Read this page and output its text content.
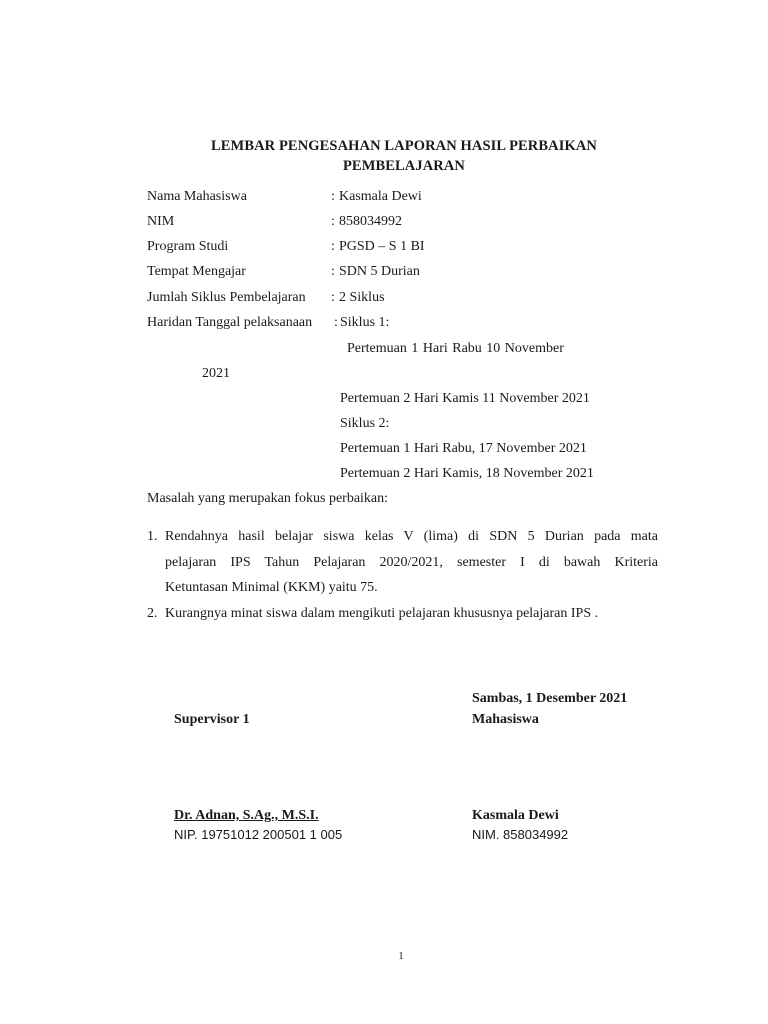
LEMBAR PENGESAHAN LAPORAN HASIL PERBAIKAN
PEMBELAJARAN
Nama Mahasiswa	: Kasmala Dewi
NIM	: 858034992
Program Studi	: PGSD – S 1 BI
Tempat Mengajar	: SDN 5 Durian
Jumlah Siklus Pembelajaran : 2 Siklus
Haridan Tanggal pelaksanaan : Siklus 1:
Pertemuan 1 Hari Rabu 10 November
2021
Pertemuan 2 Hari Kamis 11 November 2021
Siklus 2:
Pertemuan 1 Hari Rabu, 17 November 2021
Pertemuan 2 Hari Kamis, 18 November 2021
Masalah yang merupakan fokus perbaikan:
1. Rendahnya hasil belajar siswa kelas V (lima) di SDN 5 Durian pada mata
pelajaran IPS Tahun Pelajaran 2020/2021, semester I di bawah Kriteria
Ketuntasan Minimal (KKM) yaitu 75.
2. Kurangnya minat siswa dalam mengikuti pelajaran khususnya pelajaran IPS .
Sambas, 1 Desember 2021
Mahasiswa
Supervisor 1
Dr. Adnan, S.Ag., M.S.I.
NIP. 19751012 200501 1 005
Kasmala Dewi
NIM. 858034992
1
